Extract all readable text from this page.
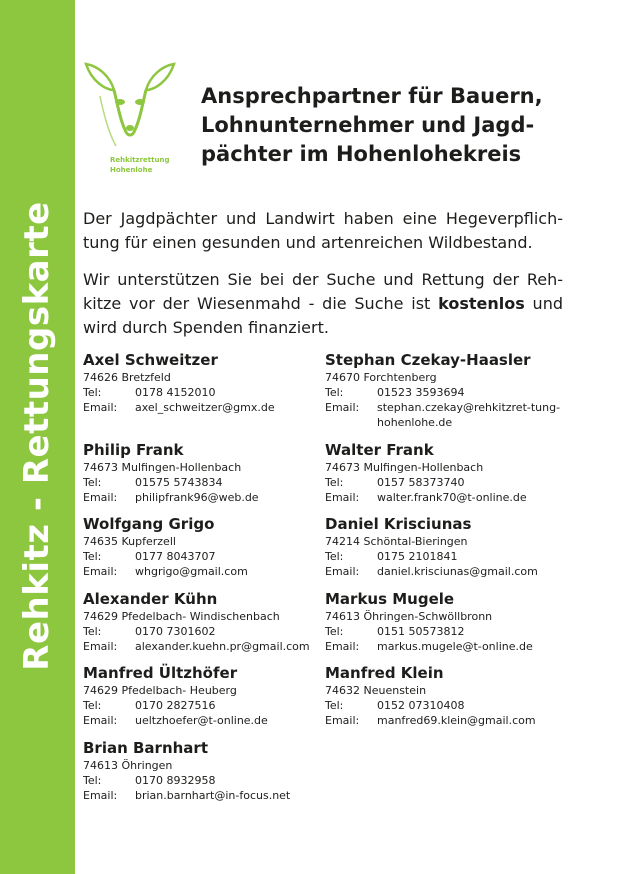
Rehkitz - Rettungskarte
Rehkitzrettung
Hohenlohe
Ansprechpartner für Bauern,
Lohnunternehmer und Jagd-
pächter im Hohenlohekreis
Der Jagdpächter und Landwirt haben eine Hegeverpflich-tung für einen gesunden und artenreichen Wildbestand.
Wir unterstützen Sie bei der Suche und Rettung der Reh-kitze vor der Wiesenmahd - die Suche ist kostenlos und wird durch Spenden finanziert.
Axel Schweitzer
74626 Bretzfeld
Tel:	0178 4152010
Email: axel_schweitzer@gmx.de
Stephan Czekay-Haasler
74670 Forchtenberg
Tel:	01523 3593694
Email: stephan.czekay@rehkitzret-tung-hohenlohe.de
Philip Frank
74673 Mulfingen-Hollenbach
Tel:	01575 5743834
Email: philipfrank96@web.de
Walter Frank
74673 Mulfingen-Hollenbach
Tel:	0157 58373740
Email: walter.frank70@t-online.de
Wolfgang Grigo
74635 Kupferzell
Tel:	0177 8043707
Email: whgrigo@gmail.com
Daniel Krisciunas
74214 Schöntal-Bieringen
Tel:	0175 2101841
Email: daniel.krisciunas@gmail.com
Alexander Kühn
74629 Pfedelbach- Windischenbach
Tel:	0170 7301602
Email: alexander.kuehn.pr@gmail.com
Markus Mugele
74613 Öhringen-Schwöllbronn
Tel:	0151 50573812
Email: markus.mugele@t-online.de
Manfred Ültzhöfer
74629 Pfedelbach- Heuberg
Tel:	0170 2827516
Email: ueltzhoefer@t-online.de
Manfred Klein
74632 Neuenstein
Tel:	0152 07310408
Email: manfred69.klein@gmail.com
Brian Barnhart
74613 Öhringen
Tel:	0170 8932958
Email: brian.barnhart@in-focus.net
